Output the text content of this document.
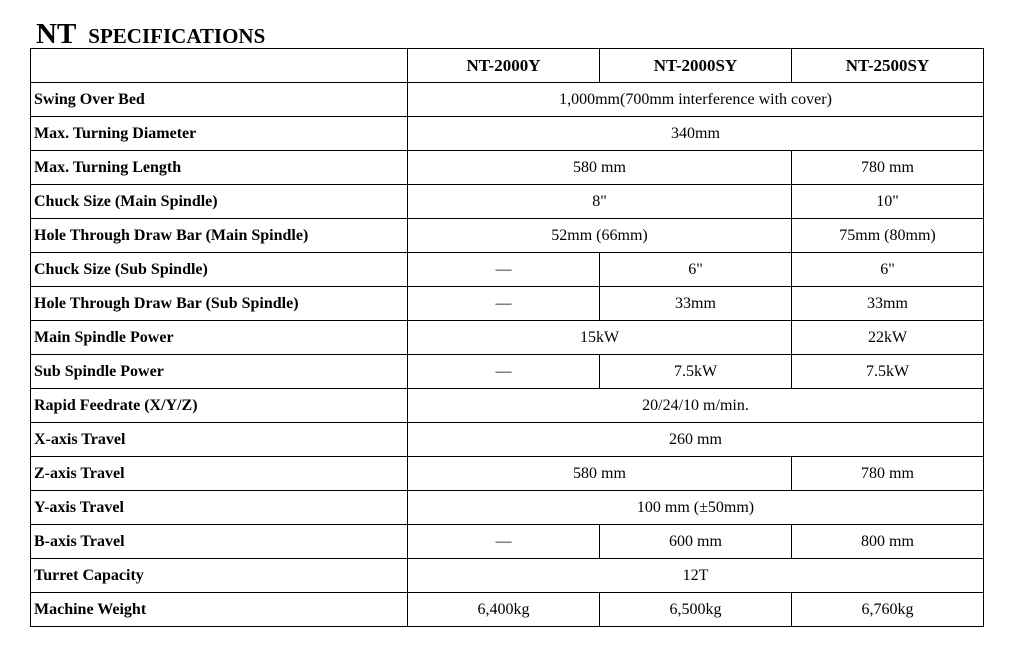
NT SPECIFICATIONS
	NT-2000Y	NT-2000SY	NT-2500SY
Swing Over Bed	1,000mm(700mm interference with cover)		
Max. Turning Diameter	340mm		
Max. Turning Length	580 mm		780 mm
Chuck Size (Main Spindle)	8"		10"
Hole Through Draw Bar (Main Spindle)	52mm (66mm)		75mm (80mm)
Chuck Size (Sub Spindle)	—	6"	6"
Hole Through Draw Bar (Sub Spindle)	—	33mm	33mm
Main Spindle Power	15kW		22kW
Sub Spindle Power	—	7.5kW	7.5kW
Rapid Feedrate (X/Y/Z)	20/24/10 m/min.		
X-axis Travel	260 mm		
Z-axis Travel	580 mm		780 mm
Y-axis Travel	100 mm (±50mm)		
B-axis Travel	—	600 mm	800 mm
Turret Capacity	12T		
Machine Weight	6,400kg	6,500kg	6,760kg
